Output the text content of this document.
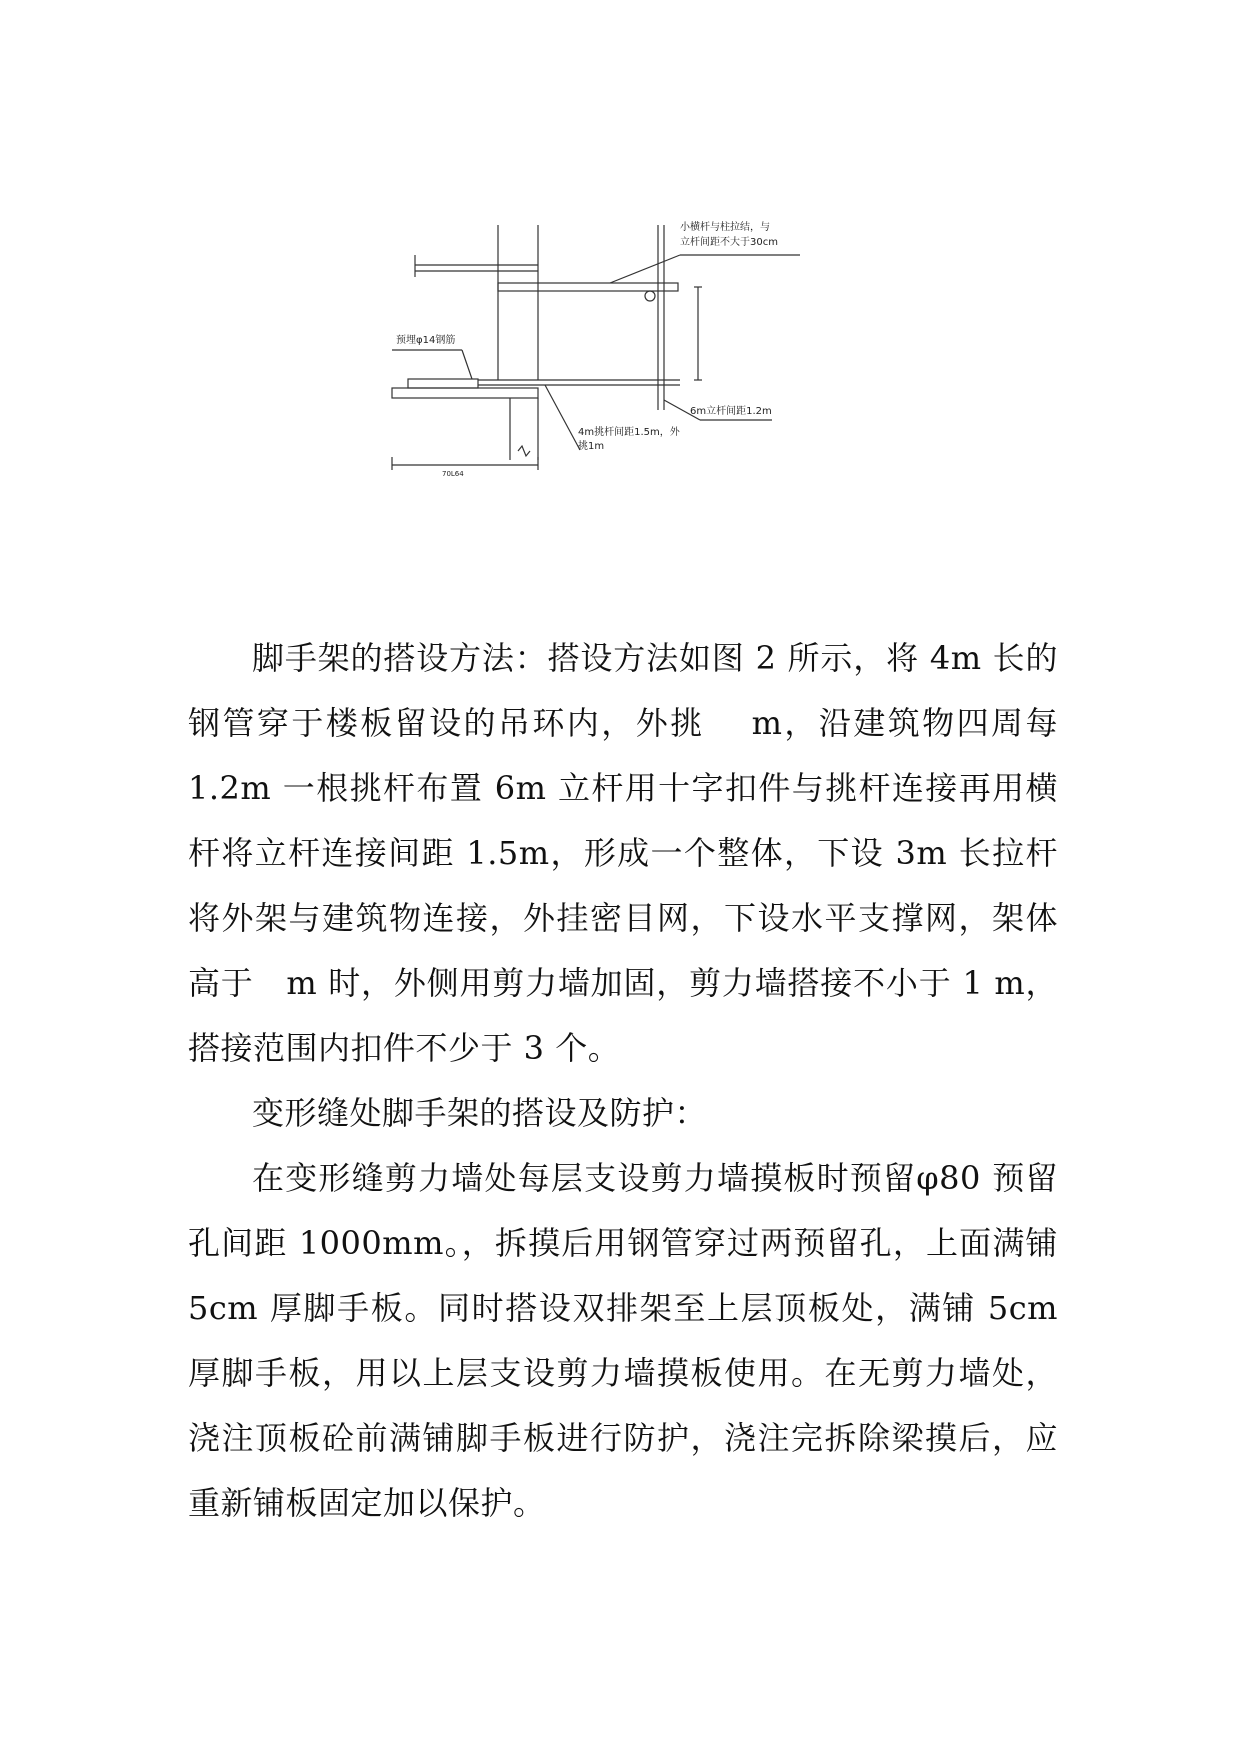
小横杆与柱拉结，与
立杆间距不大于30cm
预埋φ14钢筋
6m立杆间距1.2m
4m挑杆间距1.5m，外
挑1m
70L64

脚手架的搭设方法：搭设方法如图 2 所示，将 4m 长的钢管穿于楼板留设的吊环内，外挑　 m，沿建筑物四周每 1.2m 一根挑杆布置 6m 立杆用十字扣件与挑杆连接再用横杆将立杆连接间距 1.5m，形成一个整体，下设 3m 长拉杆将外架与建筑物连接，外挂密目网，下设水平支撑网，架体高于　m 时，外侧用剪力墙加固，剪力墙搭接不小于 1 m，搭接范围内扣件不少于 3 个。

变形缝处脚手架的搭设及防护：

在变形缝剪力墙处每层支设剪力墙摸板时预留φ80 预留孔间距 1000mm。，拆摸后用钢管穿过两预留孔，上面满铺 5cm 厚脚手板。同时搭设双排架至上层顶板处，满铺 5cm 厚脚手板，用以上层支设剪力墙摸板使用。在无剪力墙处，浇注顶板砼前满铺脚手板进行防护，浇注完拆除梁摸后，应重新铺板固定加以保护。
